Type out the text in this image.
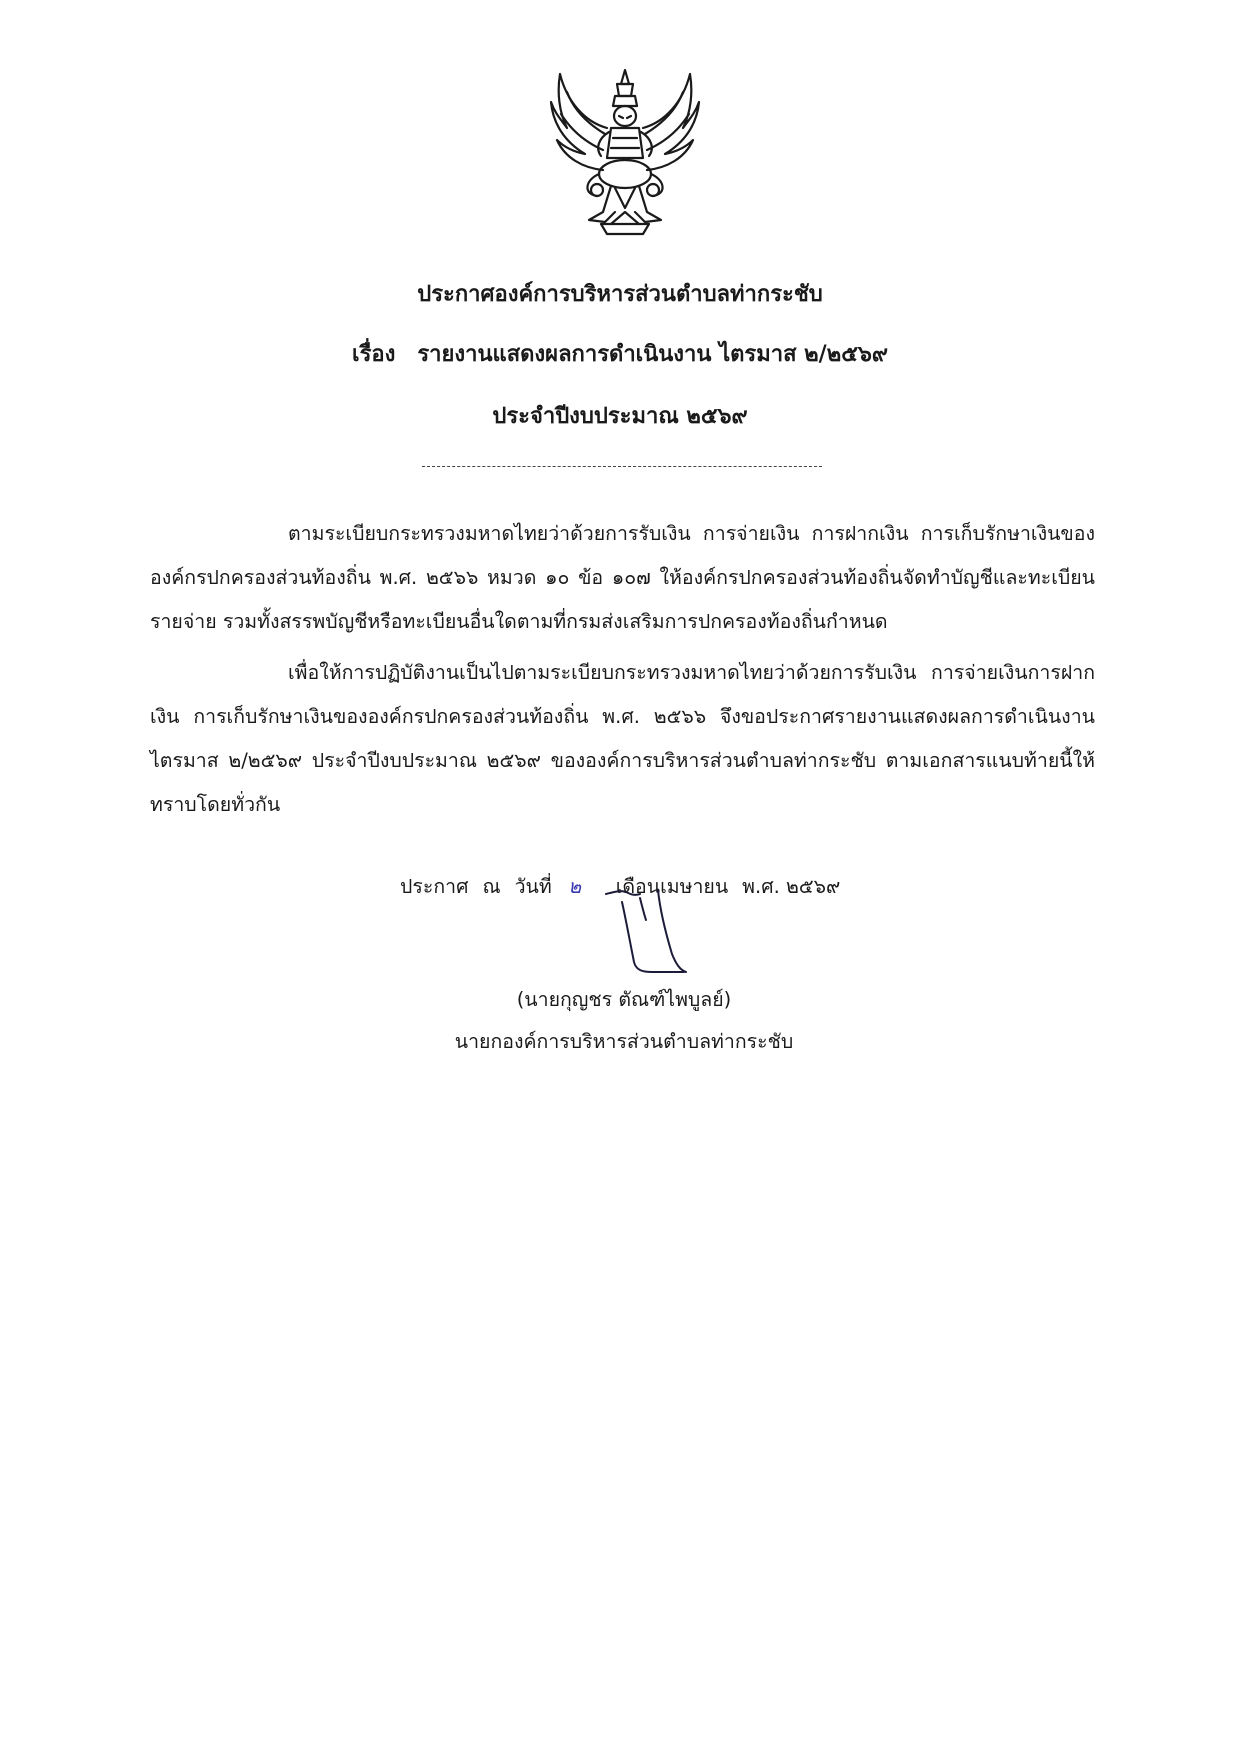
ประกาศองค์การบริหารส่วนตำบลท่ากระชับ
เรื่อง รายงานแสดงผลการดำเนินงาน ไตรมาส ๒/๒๕๖๙
ประจำปีงบประมาณ ๒๕๖๙
ตามระเบียบกระทรวงมหาดไทยว่าด้วยการรับเงิน การจ่ายเงิน การฝากเงิน การเก็บรักษาเงินขององค์กรปกครองส่วนท้องถิ่น พ.ศ. ๒๕๖๖ หมวด ๑๐ ข้อ ๑๐๗ ให้องค์กรปกครองส่วนท้องถิ่นจัดทำบัญชีและทะเบียนรายจ่าย รวมทั้งสรรพบัญชีหรือทะเบียนอื่นใดตามที่กรมส่งเสริมการปกครองท้องถิ่นกำหนด
เพื่อให้การปฏิบัติงานเป็นไปตามระเบียบกระทรวงมหาดไทยว่าด้วยการรับเงิน การจ่ายเงินการฝากเงิน การเก็บรักษาเงินขององค์กรปกครองส่วนท้องถิ่น พ.ศ. ๒๕๖๖ จึงขอประกาศรายงานแสดงผลการดำเนินงาน ไตรมาส ๒/๒๕๖๙ ประจำปีงบประมาณ ๒๕๖๙ ขององค์การบริหารส่วนตำบลท่ากระชับ ตามเอกสารแนบท้ายนี้ให้ทราบโดยทั่วกัน
ประกาศ ณ วันที่ ๒ เดือนเมษายน พ.ศ. ๒๕๖๙
(นายกุญชร ตัณฑ์ไพบูลย์)
นายกองค์การบริหารส่วนตำบลท่ากระชับ
